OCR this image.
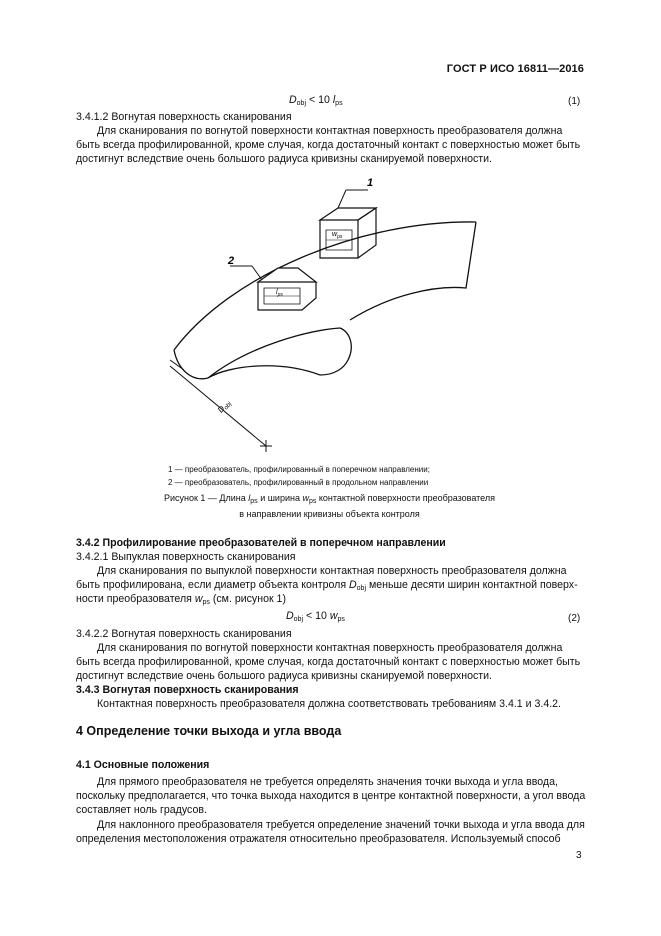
ГОСТ Р ИСО 16811—2016
$D_{obj} < 10$ $l_{ps}$	(1)
3.4.1.2 Вогнутая поверхность сканирования
Для сканирования по вогнутой поверхности контактная поверхность преобразователя должна
быть всегда профилированной, кроме случая, когда достаточный контакт с поверхностью может быть
достигнут вследствие очень большого радиуса кривизны сканируемой поверхности.
$w_{ps}$
1
$l_{ps}$
2
$D_{obj}$
1 — преобразователь, профилированный в поперечном направлении;
2 — преобразователь, профилированный в продольном направлении
Рисунок 1 — Длина $l_{ps}$ и ширина $w_{ps}$ контактной поверхности преобразователя
в направлении кривизны объекта контроля
3.4.2 Профилирование преобразователей в поперечном направлении
3.4.2.1 Выпуклая поверхность сканирования
Для сканирования по выпуклой поверхности контактная поверхность преобразователя должна
быть профилирована, если диаметр объекта контроля $D_{obj}$ меньше десяти ширин контактной поверх-
ности преобразователя $w_{ps}$ (см. рисунок 1)
$D_{obj} < 10$ $w_{ps}$	(2)
3.4.2.2 Вогнутая поверхность сканирования
Для сканирования по вогнутой поверхности контактная поверхность преобразователя должна
быть всегда профилированной, кроме случая, когда достаточный контакт с поверхностью может быть
достигнут вследствие очень большого радиуса кривизны сканируемой поверхности.
3.4.3 Вогнутая поверхность сканирования
Контактная поверхность преобразователя должна соответствовать требованиям 3.4.1 и 3.4.2.
4 Определение точки выхода и угла ввода
4.1 Основные положения
Для прямого преобразователя не требуется определять значения точки выхода и угла ввода,
поскольку предполагается, что точка выхода находится в центре контактной поверхности, а угол ввода
составляет ноль градусов.
Для наклонного преобразователя требуется определение значений точки выхода и угла ввода для
определения местоположения отражателя относительно преобразователя. Используемый способ
3
